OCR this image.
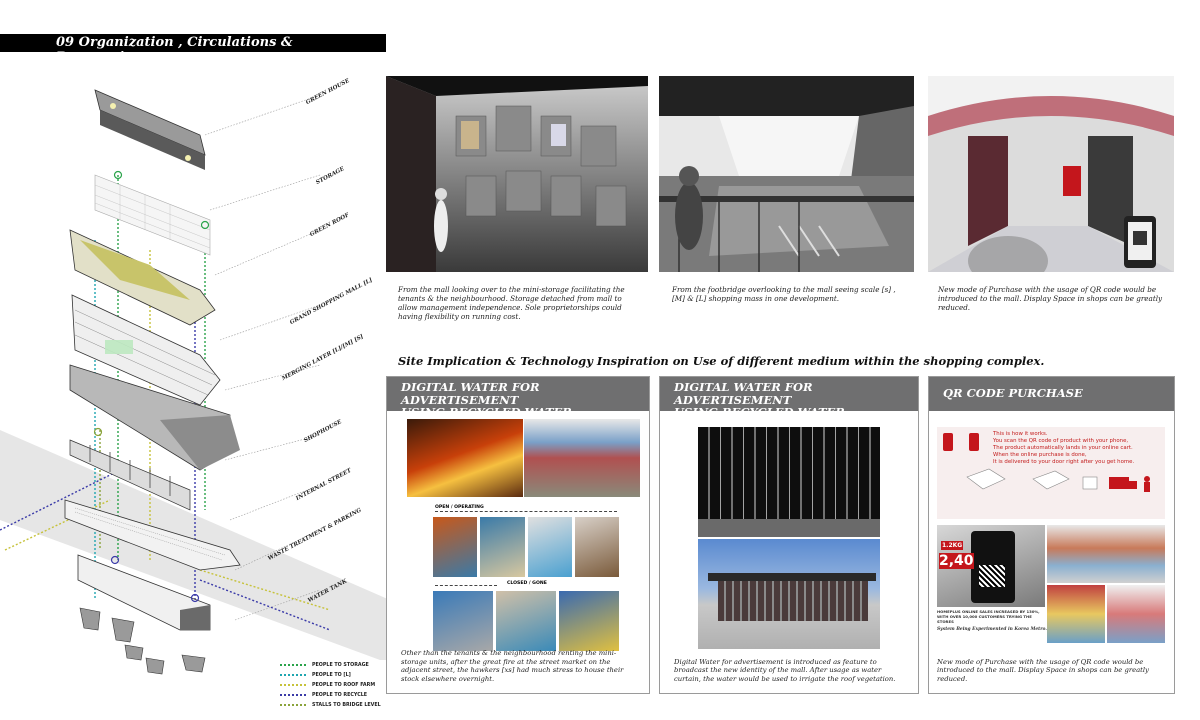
09 Organization , Circulations & Perspectives
GREEN HOUSE
STORAGE
GREEN ROOF
GRAND SHOPPING MALL [L]
MERGING LAYER [L]/[M] [S]
SHOPHOUSE
INTERNAL STREET
WASTE TREATMENT & PARKING
WATER TANK
PEOPLE TO STORAGE
PEOPLE TO [L]
PEOPLE TO ROOF FARM
PEOPLE TO RECYCLE
STALLS TO BRIDGE LEVEL
From the mall looking over to the mini-storage facilitating the tenants & the neighbourhood. Storage detached from mall to allow management independence. Sole proprietorships could having flexibility on running cost.
From the footbridge overlooking to the mall seeing scale [s] , [M] & [L] shopping mass in one development.
New mode of Purchase with the usage of QR code would be introduced to the mall. Display Space in shops can be greatly reduced.
Site Implication & Technology Inspiration on Use of different medium within the shopping complex.
DIGITAL WATER FOR ADVERTISEMENT
USING RECYCLED WATER
OPEN / OPERATING
CLOSED / GONE
Other than the tenants & the neighbourhood renting the mini-storage units, after the great fire at the street market on the adjacent street, the hawkers [xs] had much stress to house their stock elsewhere overnight.
DIGITAL WATER FOR ADVERTISEMENT
USING RECYCLED WATER
Digital Water for advertisement is introduced as feature to broadcast the new identity of the mall. After usage as water curtain, the water would be used to irrigate the roof vegetation.
QR CODE PURCHASE
This is how it works.
You scan the QR code of product with your phone,
The product automatically lands in your online cart.
When the online purchase is done,
It is delivered to your door right after you get home.
1.2KG
2,40
HOMEPLUS ONLINE SALES INCREASED BY 130%, WITH OVER 10,000 CUSTOMERS TRYING THE STORES
System Being Experimented in Korea Metro.
New mode of Purchase with the usage of QR code would be introduced to the mall. Display Space in shops can be greatly reduced.
